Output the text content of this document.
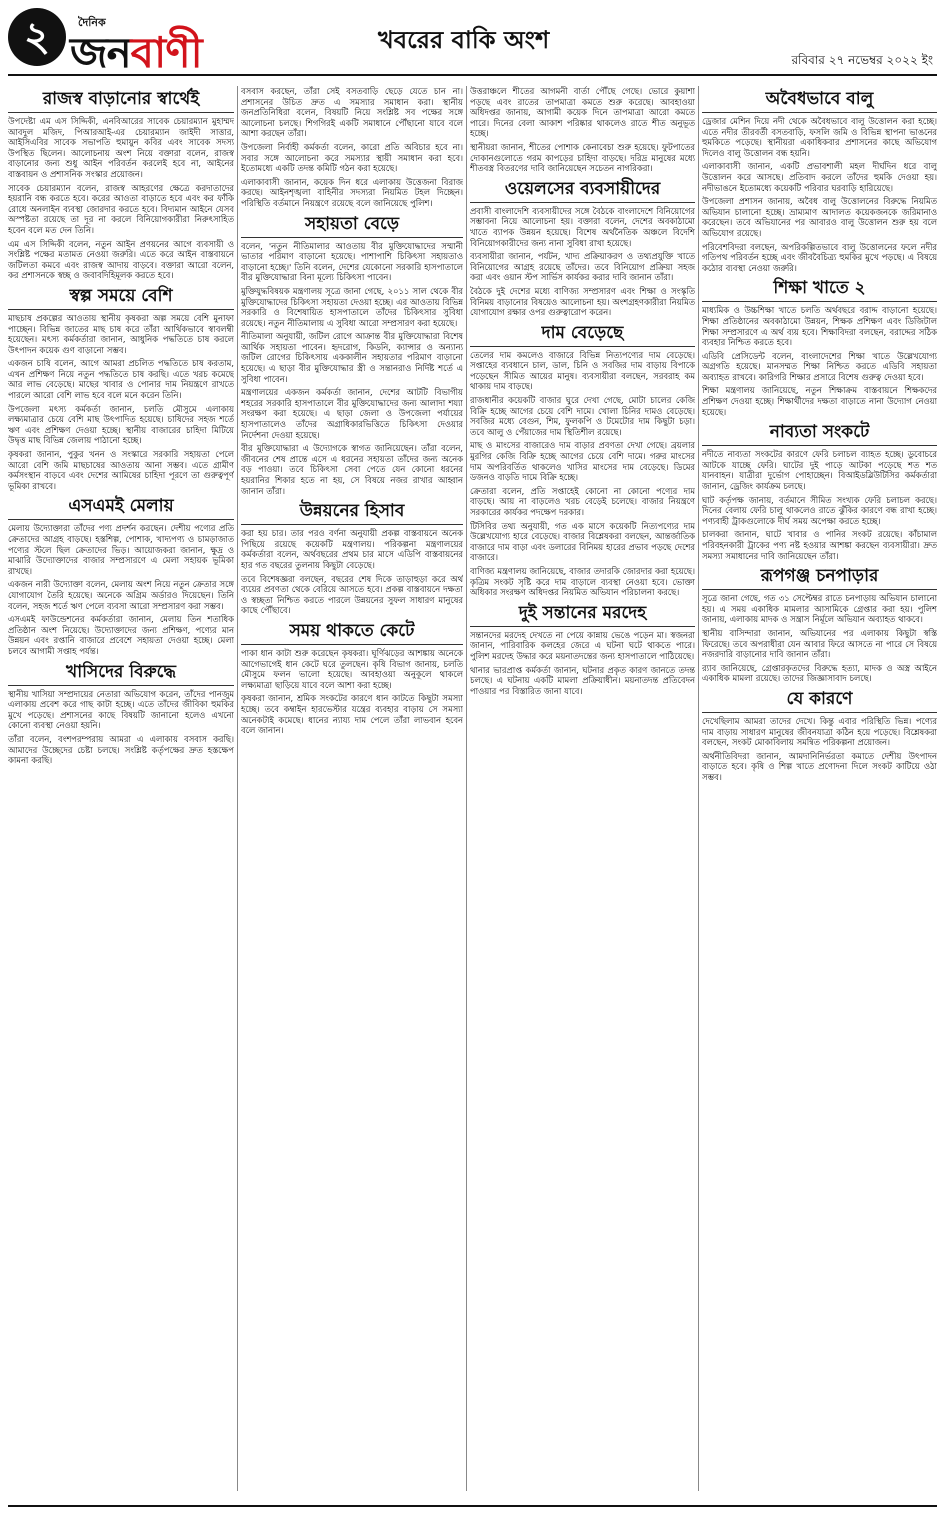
২	দৈনিক
জনবাণী	খবরের বাকি অংশ
রবিবার ২৭ নভেম্বর ২০২২ ইং
রাজস্ব বাড়ানোর স্বার্থেই

উপদেষ্টা এম এস সিদ্দিকী, এনবিআরের সাবেক চেয়ারম্যান মুহাম্মদ আবদুল মজিদ, পিআরআই-এর চেয়ারম্যান জাইদী সাত্তার, আইসিএবির সাবেক সভাপতি হুমায়ুন কবির এবং সাবেক সদস্য উপস্থিত ছিলেন। আলোচনায় অংশ নিয়ে বক্তারা বলেন, রাজস্ব বাড়ানোর জন্য শুধু আইন পরিবর্তন করলেই হবে না, আইনের বাস্তবায়ন ও প্রশাসনিক সংস্কার প্রয়োজন।

সাবেক চেয়ারম্যান বলেন, রাজস্ব আহরণের ক্ষেত্রে করদাতাদের হয়রানি বন্ধ করতে হবে। করের আওতা বাড়াতে হবে এবং কর ফাঁকি রোধে অনলাইন ব্যবস্থা জোরদার করতে হবে। বিদ্যমান আইনে যেসব অস্পষ্টতা রয়েছে তা দূর না করলে বিনিয়োগকারীরা নিরুৎসাহিত হবেন বলে মত দেন তিনি।

এম এস সিদ্দিকী বলেন, নতুন আইন প্রণয়নের আগে ব্যবসায়ী ও সংশ্লিষ্ট পক্ষের মতামত নেওয়া জরুরি। এতে করে আইন বাস্তবায়নে জটিলতা কমবে এবং রাজস্ব আদায় বাড়বে। বক্তারা আরো বলেন, কর প্রশাসনকে স্বচ্ছ ও জবাবদিহিমূলক করতে হবে।

স্বল্প সময়ে বেশি

মাছচাষ প্রকল্পের আওতায় স্থানীয় কৃষকরা অল্প সময়ে বেশি মুনাফা পাচ্ছেন। বিভিন্ন জাতের মাছ চাষ করে তাঁরা আর্থিকভাবে স্বাবলম্বী হয়েছেন। মৎস্য কর্মকর্তারা জানান, আধুনিক পদ্ধতিতে চাষ করলে উৎপাদন কয়েক গুণ বাড়ানো সম্ভব।

একজন চাষি বলেন, আগে আমরা প্রচলিত পদ্ধতিতে চাষ করতাম, এখন প্রশিক্ষণ নিয়ে নতুন পদ্ধতিতে চাষ করছি। এতে খরচ কমেছে আর লাভ বেড়েছে। মাছের খাবার ও পোনার দাম নিয়ন্ত্রণে রাখতে পারলে আরো বেশি লাভ হবে বলে মনে করেন তিনি।

উপজেলা মৎস্য কর্মকর্তা জানান, চলতি মৌসুমে এলাকায় লক্ষ্যমাত্রার চেয়ে বেশি মাছ উৎপাদিত হয়েছে। চাষিদের সহজ শর্তে ঋণ এবং প্রশিক্ষণ দেওয়া হচ্ছে। স্থানীয় বাজারের চাহিদা মিটিয়ে উদ্বৃত্ত মাছ বিভিন্ন জেলায় পাঠানো হচ্ছে।

কৃষকরা জানান, পুকুর খনন ও সংস্কারে সরকারি সহায়তা পেলে আরো বেশি জমি মাছচাষের আওতায় আনা সম্ভব। এতে গ্রামীণ কর্মসংস্থান বাড়বে এবং দেশের আমিষের চাহিদা পূরণে তা গুরুত্বপূর্ণ ভূমিকা রাখবে।

এসএমই মেলায়

মেলায় উদ্যোক্তারা তাঁদের পণ্য প্রদর্শন করছেন। দেশীয় পণ্যের প্রতি ক্রেতাদের আগ্রহ বাড়ছে। হস্তশিল্প, পোশাক, খাদ্যপণ্য ও চামড়াজাত পণ্যের স্টলে ছিল ক্রেতাদের ভিড়। আয়োজকরা জানান, ক্ষুদ্র ও মাঝারি উদ্যোক্তাদের বাজার সম্প্রসারণে এ মেলা সহায়ক ভূমিকা রাখছে।

একজন নারী উদ্যোক্তা বলেন, মেলায় অংশ নিয়ে নতুন ক্রেতার সঙ্গে যোগাযোগ তৈরি হয়েছে। অনেকে অগ্রিম অর্ডারও দিয়েছেন। তিনি বলেন, সহজ শর্তে ঋণ পেলে ব্যবসা আরো সম্প্রসারণ করা সম্ভব।

এসএমই ফাউন্ডেশনের কর্মকর্তারা জানান, মেলায় তিন শতাধিক প্রতিষ্ঠান অংশ নিয়েছে। উদ্যোক্তাদের জন্য প্রশিক্ষণ, পণ্যের মান উন্নয়ন এবং রপ্তানি বাজারে প্রবেশে সহায়তা দেওয়া হচ্ছে। মেলা চলবে আগামী সপ্তাহ পর্যন্ত।

খাসিদের বিরুদ্ধে

স্থানীয় খাসিয়া সম্প্রদায়ের নেতারা অভিযোগ করেন, তাঁদের পানজুম এলাকায় প্রবেশ করে গাছ কাটা হচ্ছে। এতে তাঁদের জীবিকা হুমকির মুখে পড়েছে। প্রশাসনের কাছে বিষয়টি জানানো হলেও এখনো কোনো ব্যবস্থা নেওয়া হয়নি।

তাঁরা বলেন, বংশপরম্পরায় আমরা এ এলাকায় বসবাস করছি। আমাদের উচ্ছেদের চেষ্টা চলছে। সংশ্লিষ্ট কর্তৃপক্ষের দ্রুত হস্তক্ষেপ কামনা করছি।

বসবাস করছেন, তাঁরা সেই বসতবাড়ি ছেড়ে যেতে চান না। প্রশাসনের উচিত দ্রুত এ সমস্যার সমাধান করা। স্থানীয় জনপ্রতিনিধিরা বলেন, বিষয়টি নিয়ে সংশ্লিষ্ট সব পক্ষের সঙ্গে আলোচনা চলছে। শিগগিরই একটি সমাধানে পৌঁছানো যাবে বলে আশা করছেন তাঁরা।

উপজেলা নির্বাহী কর্মকর্তা বলেন, কারো প্রতি অবিচার হবে না। সবার সঙ্গে আলোচনা করে সমস্যার স্থায়ী সমাধান করা হবে। ইতোমধ্যে একটি তদন্ত কমিটি গঠন করা হয়েছে।

এলাকাবাসী জানান, কয়েক দিন ধরে এলাকায় উত্তেজনা বিরাজ করছে। আইনশৃঙ্খলা বাহিনীর সদস্যরা নিয়মিত টহল দিচ্ছেন। পরিস্থিতি বর্তমানে নিয়ন্ত্রণে রয়েছে বলে জানিয়েছে পুলিশ।

সহায়তা বেড়ে

বলেন, 'নতুন নীতিমালার আওতায় বীর মুক্তিযোদ্ধাদের সম্মানী ভাতার পরিমাণ বাড়ানো হয়েছে। পাশাপাশি চিকিৎসা সহায়তাও বাড়ানো হচ্ছে।' তিনি বলেন, দেশের যেকোনো সরকারি হাসপাতালে বীর মুক্তিযোদ্ধারা বিনা মূল্যে চিকিৎসা পাবেন।

মুক্তিযুদ্ধবিষয়ক মন্ত্রণালয় সূত্রে জানা গেছে, ২০১১ সাল থেকে বীর মুক্তিযোদ্ধাদের চিকিৎসা সহায়তা দেওয়া হচ্ছে। এর আওতায় বিভিন্ন সরকারি ও বিশেষায়িত হাসপাতালে তাঁদের চিকিৎসার সুবিধা রয়েছে। নতুন নীতিমালায় এ সুবিধা আরো সম্প্রসারণ করা হয়েছে।

নীতিমালা অনুযায়ী, জটিল রোগে আক্রান্ত বীর মুক্তিযোদ্ধারা বিশেষ আর্থিক সহায়তা পাবেন। হৃদরোগ, কিডনি, ক্যান্সার ও অন্যান্য জটিল রোগের চিকিৎসায় এককালীন সহায়তার পরিমাণ বাড়ানো হয়েছে। এ ছাড়া বীর মুক্তিযোদ্ধার স্ত্রী ও সন্তানরাও নির্দিষ্ট শর্তে এ সুবিধা পাবেন।

মন্ত্রণালয়ের একজন কর্মকর্তা জানান, দেশের আটটি বিভাগীয় শহরের সরকারি হাসপাতালে বীর মুক্তিযোদ্ধাদের জন্য আলাদা শয্যা সংরক্ষণ করা হয়েছে। এ ছাড়া জেলা ও উপজেলা পর্যায়ের হাসপাতালেও তাঁদের অগ্রাধিকারভিত্তিতে চিকিৎসা দেওয়ার নির্দেশনা দেওয়া হয়েছে।

বীর মুক্তিযোদ্ধারা এ উদ্যোগকে স্বাগত জানিয়েছেন। তাঁরা বলেন, জীবনের শেষ প্রান্তে এসে এ ধরনের সহায়তা তাঁদের জন্য অনেক বড় পাওয়া। তবে চিকিৎসা সেবা পেতে যেন কোনো ধরনের হয়রানির শিকার হতে না হয়, সে বিষয়ে নজর রাখার আহ্বান জানান তাঁরা।

উন্নয়নের হিসাব

করা হয় চার। তার পরও বর্ণনা অনুযায়ী প্রকল্প বাস্তবায়নে অনেক পিছিয়ে রয়েছে কয়েকটি মন্ত্রণালয়। পরিকল্পনা মন্ত্রণালয়ের কর্মকর্তারা বলেন, অর্থবছরের প্রথম চার মাসে এডিপি বাস্তবায়নের হার গত বছরের তুলনায় কিছুটা বেড়েছে।

তবে বিশেষজ্ঞরা বলছেন, বছরের শেষ দিকে তাড়াহুড়া করে অর্থ ব্যয়ের প্রবণতা থেকে বেরিয়ে আসতে হবে। প্রকল্প বাস্তবায়নে দক্ষতা ও স্বচ্ছতা নিশ্চিত করতে পারলে উন্নয়নের সুফল সাধারণ মানুষের কাছে পৌঁছাবে।

সময় থাকতে কেটে

পাকা ধান কাটা শুরু করেছেন কৃষকরা। ঘূর্ণিঝড়ের আশঙ্কায় অনেকে আগেভাগেই ধান কেটে ঘরে তুলছেন। কৃষি বিভাগ জানায়, চলতি মৌসুমে ফলন ভালো হয়েছে। আবহাওয়া অনুকূলে থাকলে লক্ষ্যমাত্রা ছাড়িয়ে যাবে বলে আশা করা হচ্ছে।

কৃষকরা জানান, শ্রমিক সংকটের কারণে ধান কাটতে কিছুটা সমস্যা হচ্ছে। তবে কম্বাইন হারভেস্টার যন্ত্রের ব্যবহার বাড়ায় সে সমস্যা অনেকটাই কমেছে। ধানের ন্যায্য দাম পেলে তাঁরা লাভবান হবেন বলে জানান।

উত্তরাঞ্চলে শীতের আগমনী বার্তা পৌঁছে গেছে। ভোরে কুয়াশা পড়ছে এবং রাতের তাপমাত্রা কমতে শুরু করেছে। আবহাওয়া অধিদপ্তর জানায়, আগামী কয়েক দিনে তাপমাত্রা আরো কমতে পারে। দিনের বেলা আকাশ পরিষ্কার থাকলেও রাতে শীত অনুভূত হচ্ছে।

স্থানীয়রা জানান, শীতের পোশাক কেনাবেচা শুরু হয়েছে। ফুটপাতের দোকানগুলোতে গরম কাপড়ের চাহিদা বাড়ছে। দরিদ্র মানুষের মধ্যে শীতবস্ত্র বিতরণের দাবি জানিয়েছেন সচেতন নাগরিকরা।

ওয়েলসের ব্যবসায়ীদের

প্রবাসী বাংলাদেশি ব্যবসায়ীদের সঙ্গে বৈঠকে বাংলাদেশে বিনিয়োগের সম্ভাবনা নিয়ে আলোচনা হয়। বক্তারা বলেন, দেশের অবকাঠামো খাতে ব্যাপক উন্নয়ন হয়েছে। বিশেষ অর্থনৈতিক অঞ্চলে বিদেশি বিনিয়োগকারীদের জন্য নানা সুবিধা রাখা হয়েছে।

ব্যবসায়ীরা জানান, পর্যটন, খাদ্য প্রক্রিয়াকরণ ও তথ্যপ্রযুক্তি খাতে বিনিয়োগের আগ্রহ রয়েছে তাঁদের। তবে বিনিয়োগ প্রক্রিয়া সহজ করা এবং ওয়ান স্টপ সার্ভিস কার্যকর করার দাবি জানান তাঁরা।

বৈঠকে দুই দেশের মধ্যে বাণিজ্য সম্প্রসারণ এবং শিক্ষা ও সংস্কৃতি বিনিময় বাড়ানোর বিষয়েও আলোচনা হয়। অংশগ্রহণকারীরা নিয়মিত যোগাযোগ রক্ষার ওপর গুরুত্বারোপ করেন।

দাম বেড়েছে

তেলের দাম কমলেও বাজারে বিভিন্ন নিত্যপণ্যের দাম বেড়েছে। সপ্তাহের ব্যবধানে চাল, ডাল, চিনি ও সবজির দাম বাড়ায় বিপাকে পড়েছেন সীমিত আয়ের মানুষ। ব্যবসায়ীরা বলছেন, সরবরাহ কম থাকায় দাম বাড়ছে।

রাজধানীর কয়েকটি বাজার ঘুরে দেখা গেছে, মোটা চালের কেজি বিক্রি হচ্ছে আগের চেয়ে বেশি দামে। খোলা চিনির দামও বেড়েছে। সবজির মধ্যে বেগুন, শিম, ফুলকপি ও টমেটোর দাম কিছুটা চড়া। তবে আলু ও পেঁয়াজের দাম স্থিতিশীল রয়েছে।

মাছ ও মাংসের বাজারেও দাম বাড়ার প্রবণতা দেখা গেছে। ব্রয়লার মুরগির কেজি বিক্রি হচ্ছে আগের চেয়ে বেশি দামে। গরুর মাংসের দাম অপরিবর্তিত থাকলেও খাসির মাংসের দাম বেড়েছে। ডিমের ডজনও বাড়তি দামে বিক্রি হচ্ছে।

ক্রেতারা বলেন, প্রতি সপ্তাহেই কোনো না কোনো পণ্যের দাম বাড়ছে। আয় না বাড়লেও খরচ বেড়েই চলেছে। বাজার নিয়ন্ত্রণে সরকারের কার্যকর পদক্ষেপ দরকার।

টিসিবির তথ্য অনুযায়ী, গত এক মাসে কয়েকটি নিত্যপণ্যের দাম উল্লেখযোগ্য হারে বেড়েছে। বাজার বিশ্লেষকরা বলছেন, আন্তর্জাতিক বাজারে দাম বাড়া এবং ডলারের বিনিময় হারের প্রভাব পড়ছে দেশের বাজারে।

বাণিজ্য মন্ত্রণালয় জানিয়েছে, বাজার তদারকি জোরদার করা হয়েছে। কৃত্রিম সংকট সৃষ্টি করে দাম বাড়ালে ব্যবস্থা নেওয়া হবে। ভোক্তা অধিকার সংরক্ষণ অধিদপ্তর নিয়মিত অভিযান পরিচালনা করছে।

দুই সন্তানের মরদেহ

সন্তানদের মরদেহ দেখতে না পেয়ে কান্নায় ভেঙে পড়েন মা। স্বজনরা জানান, পারিবারিক কলহের জেরে এ ঘটনা ঘটে থাকতে পারে। পুলিশ মরদেহ উদ্ধার করে ময়নাতদন্তের জন্য হাসপাতালে পাঠিয়েছে।

থানার ভারপ্রাপ্ত কর্মকর্তা জানান, ঘটনার প্রকৃত কারণ জানতে তদন্ত চলছে। এ ঘটনায় একটি মামলা প্রক্রিয়াধীন। ময়নাতদন্ত প্রতিবেদন পাওয়ার পর বিস্তারিত জানা যাবে।

অবৈধভাবে বালু

ড্রেজার মেশিন দিয়ে নদী থেকে অবৈধভাবে বালু উত্তোলন করা হচ্ছে। এতে নদীর তীরবর্তী বসতবাড়ি, ফসলি জমি ও বিভিন্ন স্থাপনা ভাঙনের হুমকিতে পড়েছে। স্থানীয়রা একাধিকবার প্রশাসনের কাছে অভিযোগ দিলেও বালু উত্তোলন বন্ধ হয়নি।

এলাকাবাসী জানান, একটি প্রভাবশালী মহল দীর্ঘদিন ধরে বালু উত্তোলন করে আসছে। প্রতিবাদ করলে তাঁদের হুমকি দেওয়া হয়। নদীভাঙনে ইতোমধ্যে কয়েকটি পরিবার ঘরবাড়ি হারিয়েছে।

উপজেলা প্রশাসন জানায়, অবৈধ বালু উত্তোলনের বিরুদ্ধে নিয়মিত অভিযান চালানো হচ্ছে। ভ্রাম্যমাণ আদালত কয়েকজনকে জরিমানাও করেছেন। তবে অভিযানের পর আবারও বালু উত্তোলন শুরু হয় বলে অভিযোগ রয়েছে।

পরিবেশবিদরা বলছেন, অপরিকল্পিতভাবে বালু উত্তোলনের ফলে নদীর গতিপথ পরিবর্তন হচ্ছে এবং জীববৈচিত্র্য হুমকির মুখে পড়ছে। এ বিষয়ে কঠোর ব্যবস্থা নেওয়া জরুরি।

শিক্ষা খাতে ২

মাধ্যমিক ও উচ্চশিক্ষা খাতে চলতি অর্থবছরে বরাদ্দ বাড়ানো হয়েছে। শিক্ষা প্রতিষ্ঠানের অবকাঠামো উন্নয়ন, শিক্ষক প্রশিক্ষণ এবং ডিজিটাল শিক্ষা সম্প্রসারণে এ অর্থ ব্যয় হবে। শিক্ষাবিদরা বলছেন, বরাদ্দের সঠিক ব্যবহার নিশ্চিত করতে হবে।

এডিবি প্রেসিডেন্ট বলেন, বাংলাদেশের শিক্ষা খাতে উল্লেখযোগ্য অগ্রগতি হয়েছে। মানসম্মত শিক্ষা নিশ্চিত করতে এডিবি সহায়তা অব্যাহত রাখবে। কারিগরি শিক্ষার প্রসারে বিশেষ গুরুত্ব দেওয়া হবে।

শিক্ষা মন্ত্রণালয় জানিয়েছে, নতুন শিক্ষাক্রম বাস্তবায়নে শিক্ষকদের প্রশিক্ষণ দেওয়া হচ্ছে। শিক্ষার্থীদের দক্ষতা বাড়াতে নানা উদ্যোগ নেওয়া হয়েছে।

নাব্যতা সংকটে

নদীতে নাব্যতা সংকটের কারণে ফেরি চলাচল ব্যাহত হচ্ছে। ডুবোচরে আটকে যাচ্ছে ফেরি। ঘাটের দুই পাড়ে আটকা পড়েছে শত শত যানবাহন। যাত্রীরা দুর্ভোগ পোহাচ্ছেন। বিআইডব্লিউটিসির কর্মকর্তারা জানান, ড্রেজিং কার্যক্রম চলছে।

ঘাট কর্তৃপক্ষ জানায়, বর্তমানে সীমিত সংখ্যক ফেরি চলাচল করছে। দিনের বেলায় ফেরি চালু থাকলেও রাতে ঝুঁকির কারণে বন্ধ রাখা হচ্ছে। পণ্যবাহী ট্রাকগুলোকে দীর্ঘ সময় অপেক্ষা করতে হচ্ছে।

চালকরা জানান, ঘাটে খাবার ও পানির সংকট রয়েছে। কাঁচামাল পরিবহনকারী ট্রাকের পণ্য নষ্ট হওয়ার আশঙ্কা করছেন ব্যবসায়ীরা। দ্রুত সমস্যা সমাধানের দাবি জানিয়েছেন তাঁরা।

রূপগঞ্জ চনপাড়ার

সূত্রে জানা গেছে, গত ৩১ সেপ্টেম্বর রাতে চনপাড়ায় অভিযান চালানো হয়। এ সময় একাধিক মামলার আসামিকে গ্রেপ্তার করা হয়। পুলিশ জানায়, এলাকায় মাদক ও সন্ত্রাস নির্মূলে অভিযান অব্যাহত থাকবে।

স্থানীয় বাসিন্দারা জানান, অভিযানের পর এলাকায় কিছুটা স্বস্তি ফিরেছে। তবে অপরাধীরা যেন আবার ফিরে আসতে না পারে সে বিষয়ে নজরদারি বাড়ানোর দাবি জানান তাঁরা।

র‍্যাব জানিয়েছে, গ্রেপ্তারকৃতদের বিরুদ্ধে হত্যা, মাদক ও অস্ত্র আইনে একাধিক মামলা রয়েছে। তাদের জিজ্ঞাসাবাদ চলছে।

যে কারণে

দেখেছিলাম আমরা তাদের দেখে। কিন্তু এবার পরিস্থিতি ভিন্ন। পণ্যের দাম বাড়ায় সাধারণ মানুষের জীবনযাত্রা কঠিন হয়ে পড়েছে। বিশ্লেষকরা বলছেন, সংকট মোকাবিলায় সমন্বিত পরিকল্পনা প্রয়োজন।

অর্থনীতিবিদরা জানান, আমদানিনির্ভরতা কমাতে দেশীয় উৎপাদন বাড়াতে হবে। কৃষি ও শিল্প খাতে প্রণোদনা দিলে সংকট কাটিয়ে ওঠা সম্ভব।
